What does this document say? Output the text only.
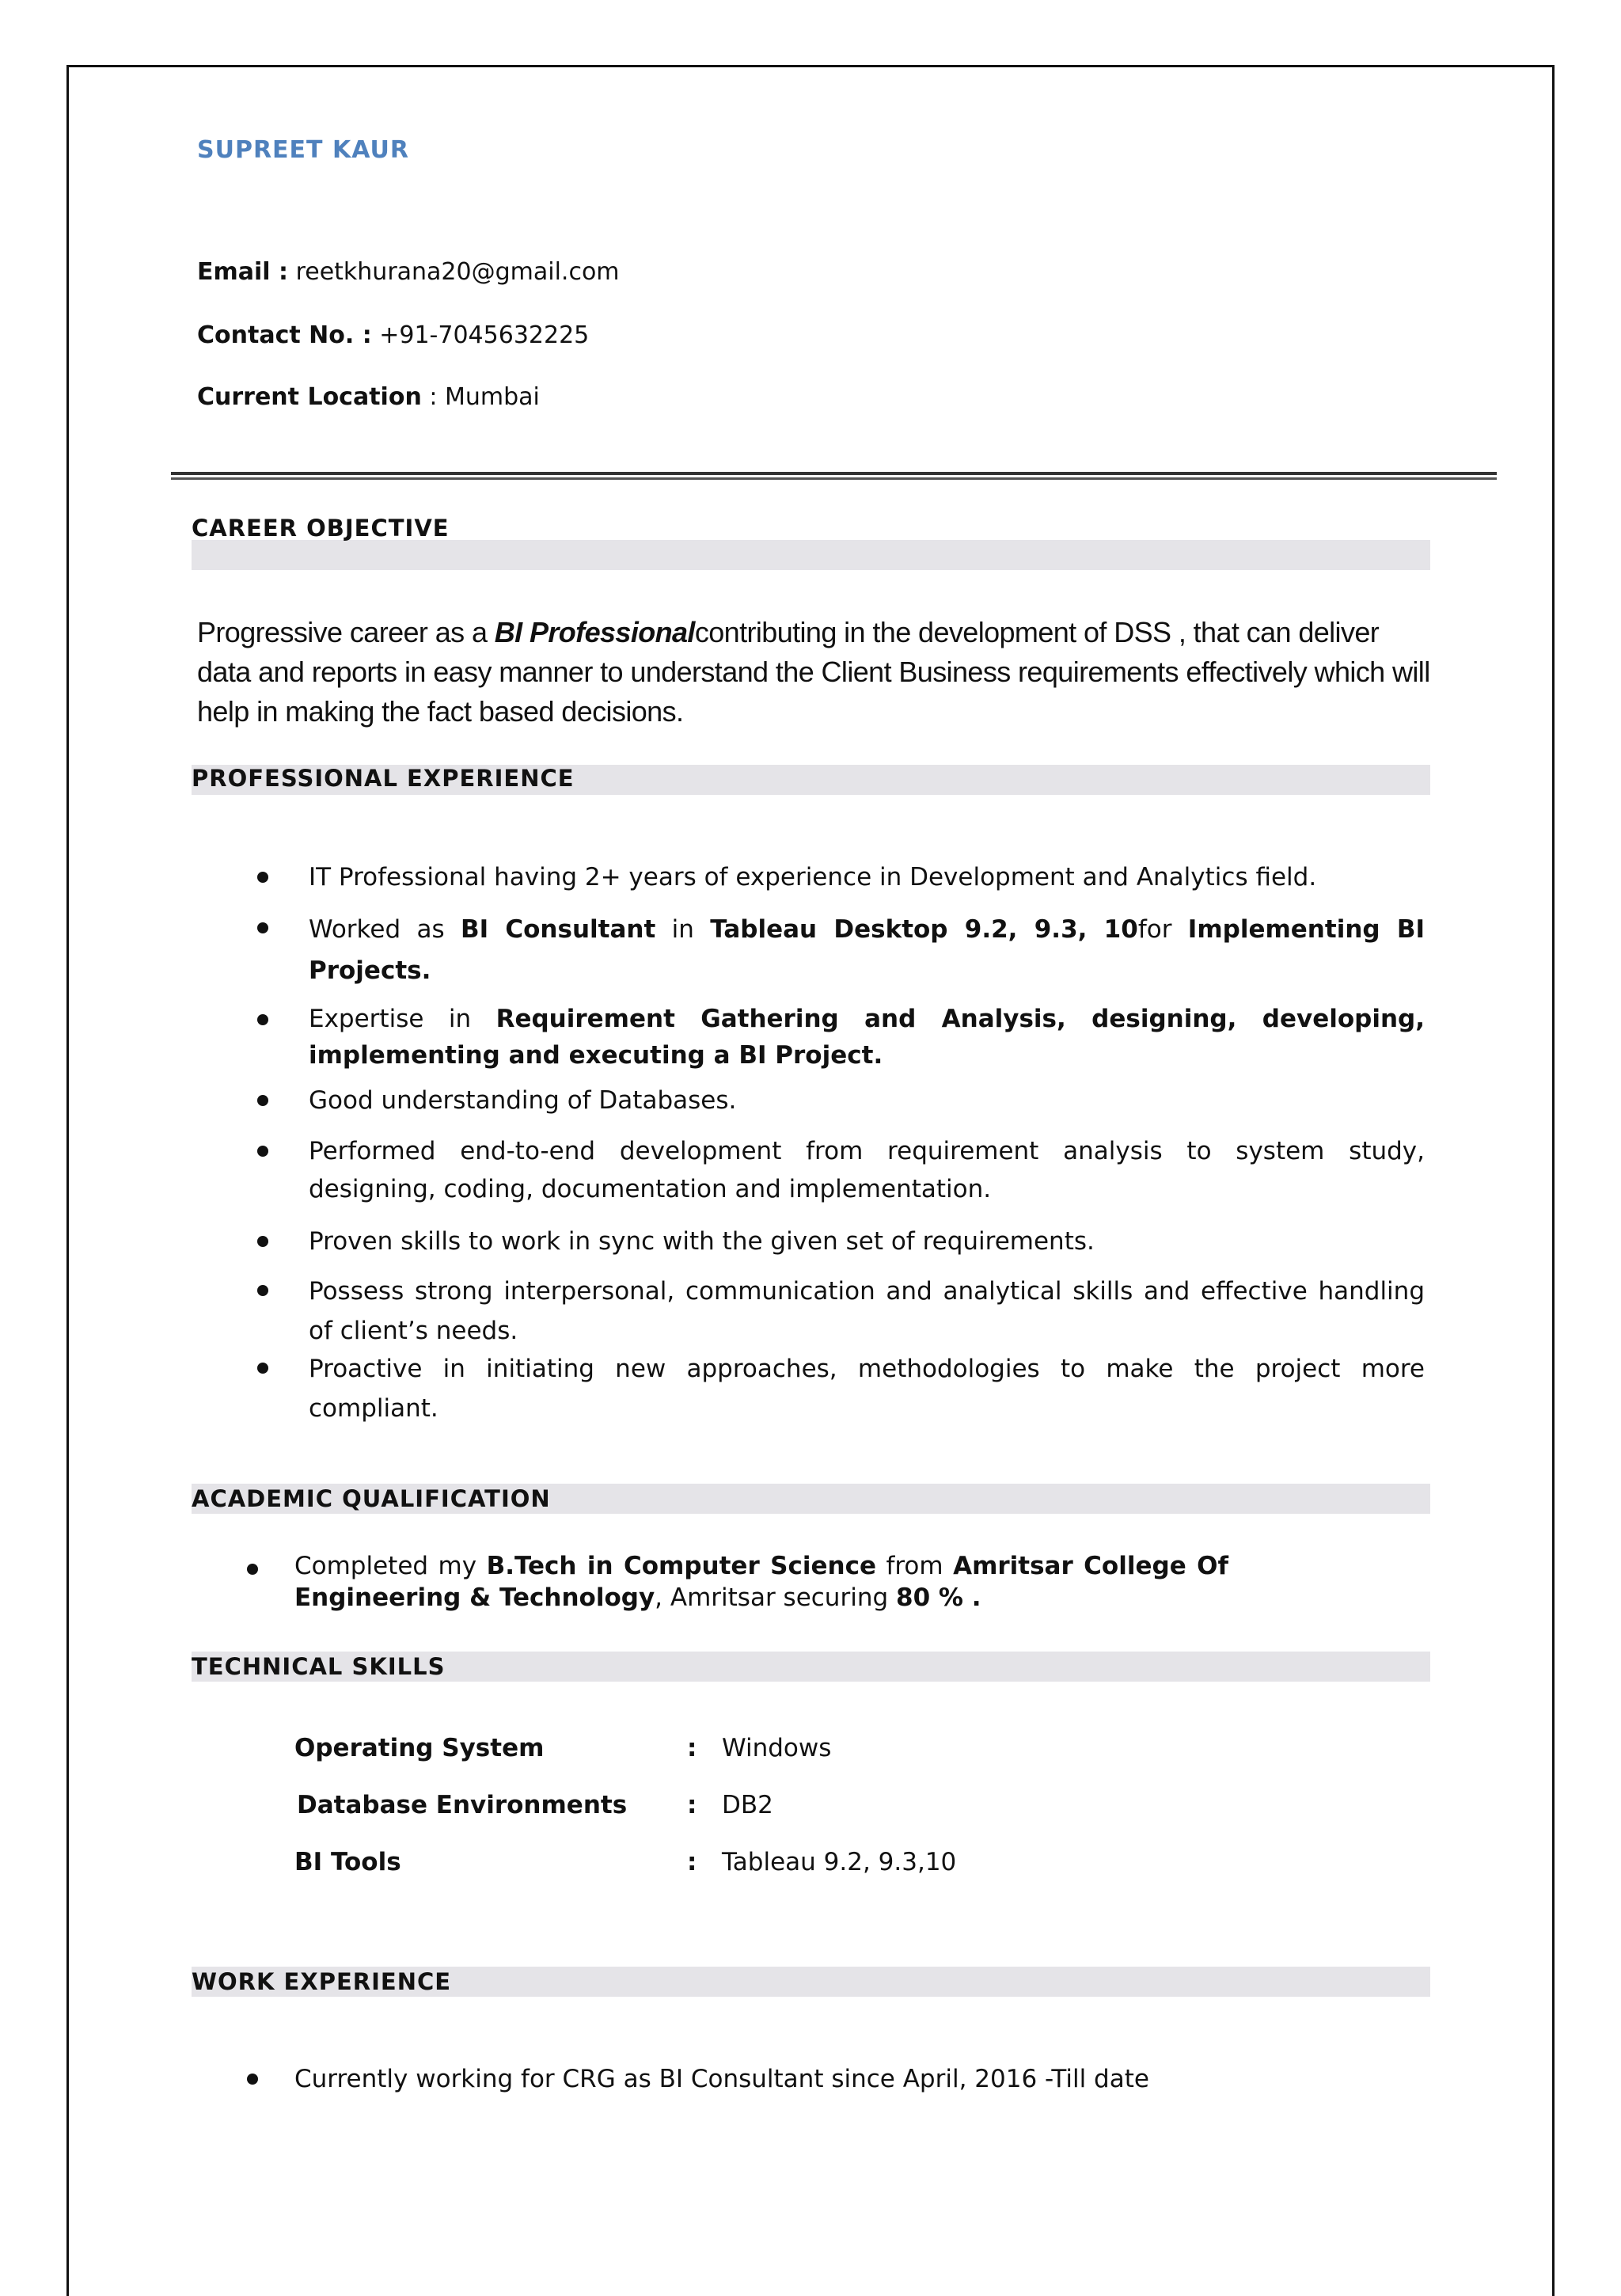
SUPREET KAUR
Email : reetkhurana20@gmail.com
Contact No. : +91-7045632225
Current Location : Mumbai
CAREER OBJECTIVE
Progressive career as a BI Professionalcontributing in the development of DSS , that can deliver data and reports in easy manner to understand the Client Business requirements effectively which will help in making the fact based decisions.
PROFESSIONAL EXPERIENCE
IT Professional having 2+ years of experience in Development and Analytics field.
Worked as BI Consultant in Tableau Desktop 9.2, 9.3, 10for Implementing BI Projects.
Expertise in Requirement Gathering and Analysis, designing, developing, implementing and executing a BI Project.
Good understanding of Databases.
Performed end-to-end development from requirement analysis to system study, designing, coding, documentation and implementation.
Proven skills to work in sync with the given set of requirements.
Possess strong interpersonal, communication and analytical skills and effective handling of client’s needs.
Proactive in initiating new approaches, methodologies to make the project more compliant.
ACADEMIC QUALIFICATION
Completed my B.Tech in Computer Science from Amritsar College Of Engineering & Technology, Amritsar securing 80 % .
TECHNICAL SKILLS
Operating System	: Windows
Database Environments : DB2
BI Tools	: Tableau 9.2, 9.3,10
WORK EXPERIENCE
Currently working for CRG as BI Consultant since April, 2016 -Till date
